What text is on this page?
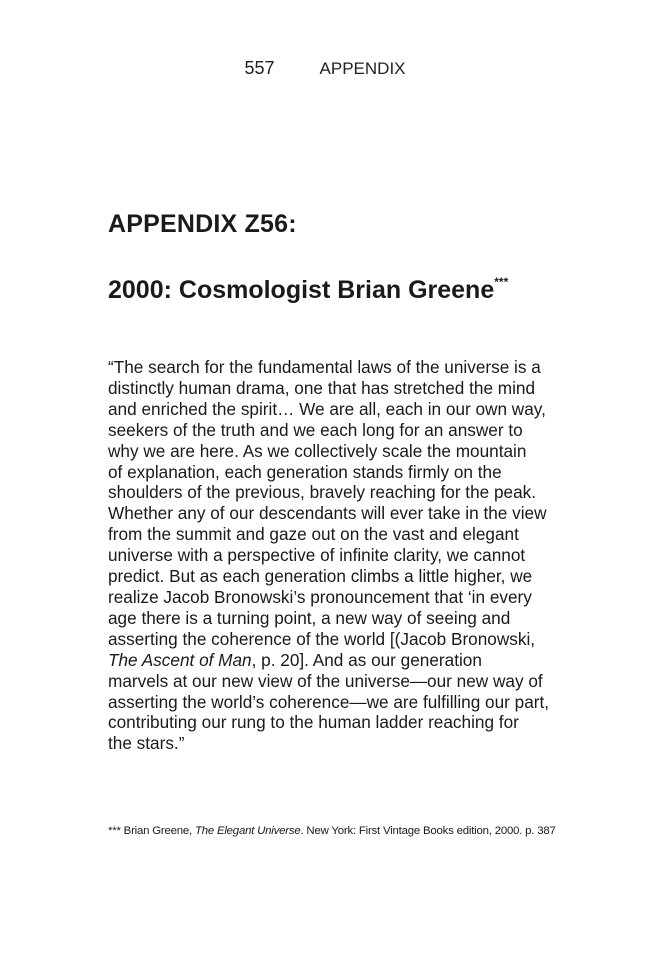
557	APPENDIX
APPENDIX Z56:
2000: Cosmologist Brian Greene***

“The search for the fundamental laws of the universe is a
distinctly human drama, one that has stretched the mind
and enriched the spirit… We are all, each in our own way,
seekers of the truth and we each long for an answer to
why we are here. As we collectively scale the mountain
of explanation, each generation stands firmly on the
shoulders of the previous, bravely reaching for the peak.
Whether any of our descendants will ever take in the view
from the summit and gaze out on the vast and elegant
universe with a perspective of infinite clarity, we cannot
predict. But as each generation climbs a little higher, we
realize Jacob Bronowski’s pronouncement that ‘in every
age there is a turning point, a new way of seeing and
asserting the coherence of the world [(Jacob Bronowski,
The Ascent of Man, p. 20]. And as our generation
marvels at our new view of the universe—our new way of
asserting the world’s coherence—we are fulfilling our part,
contributing our rung to the human ladder reaching for
the stars.”

*** Brian Greene, The Elegant Universe. New York: First Vintage Books edition, 2000. p. 387
